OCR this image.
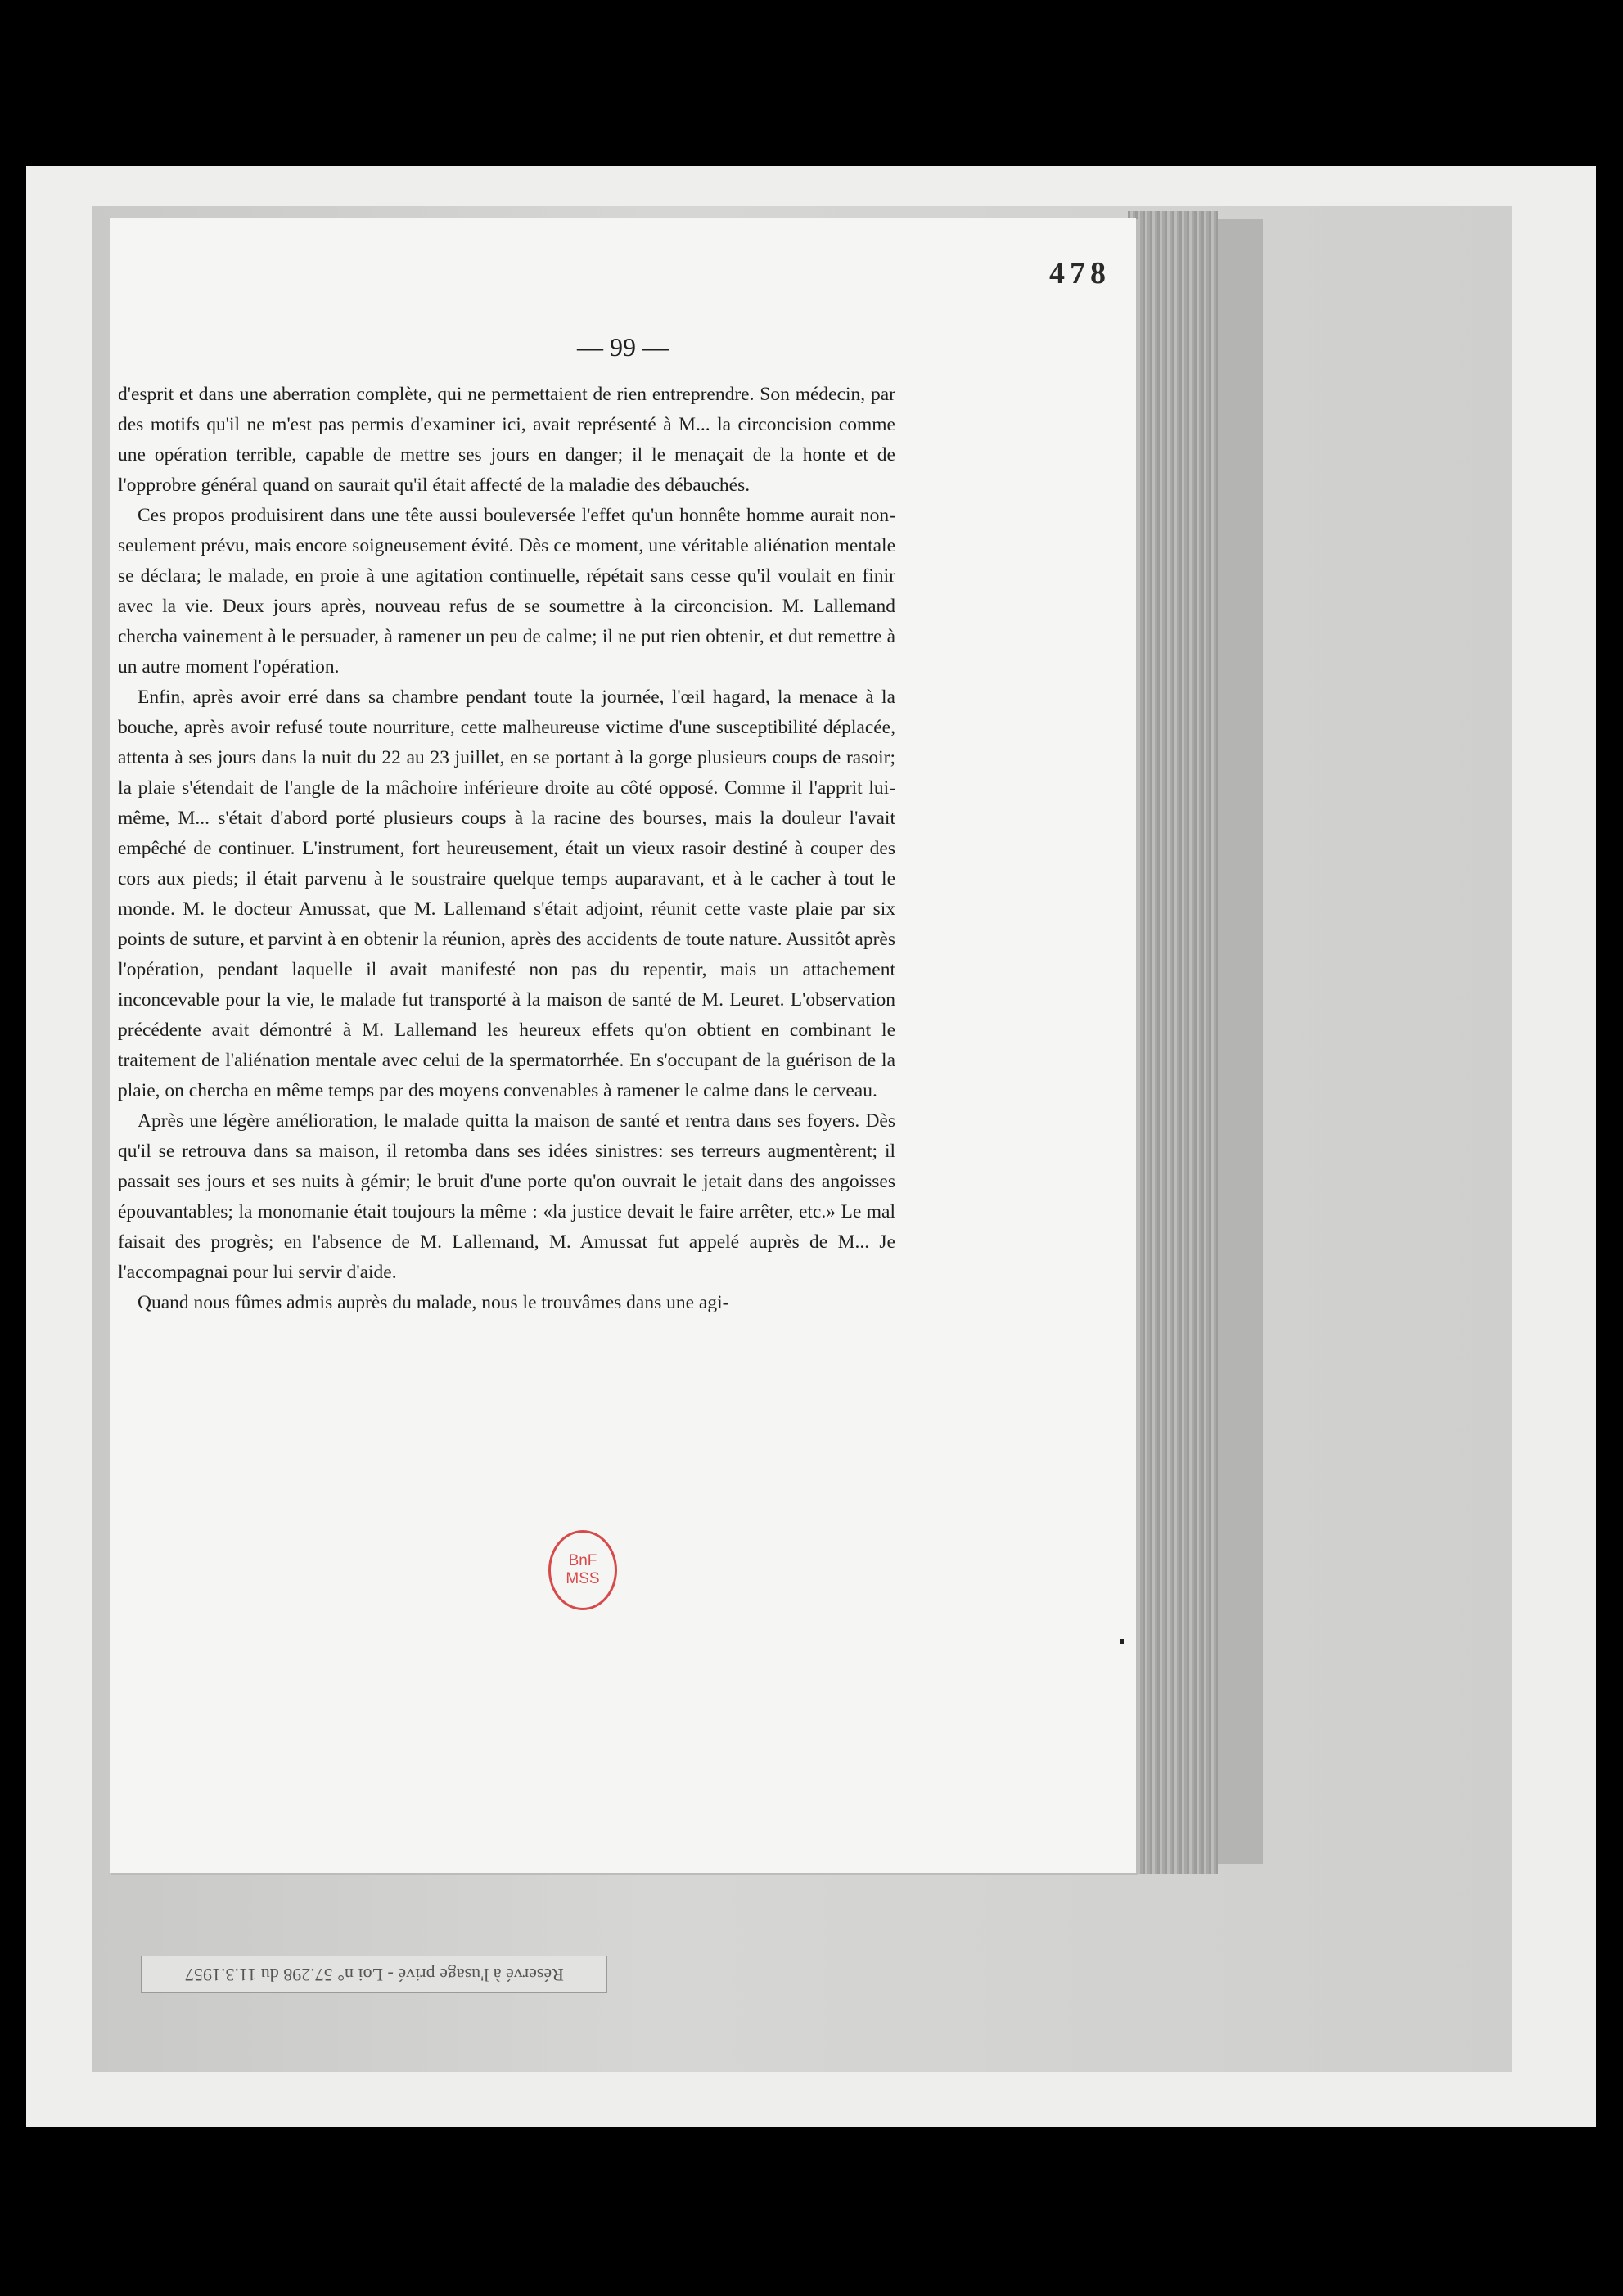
478
— 99 —

d'esprit et dans une aberration complète, qui ne permettaient de rien entreprendre. Son médecin, par des motifs qu'il ne m'est pas permis d'examiner ici, avait représenté à M... la circoncision comme une opération terrible, capable de mettre ses jours en danger; il le menaçait de la honte et de l'opprobre général quand on saurait qu'il était affecté de la maladie des débauchés.

Ces propos produisirent dans une tête aussi bouleversée l'effet qu'un honnête homme aurait non-seulement prévu, mais encore soigneusement évité. Dès ce moment, une véritable aliénation mentale se déclara; le malade, en proie à une agitation continuelle, répétait sans cesse qu'il voulait en finir avec la vie. Deux jours après, nouveau refus de se soumettre à la circoncision. M. Lallemand chercha vainement à le persuader, à ramener un peu de calme; il ne put rien obtenir, et dut remettre à un autre moment l'opération.

Enfin, après avoir erré dans sa chambre pendant toute la journée, l'œil hagard, la menace à la bouche, après avoir refusé toute nourriture, cette malheureuse victime d'une susceptibilité déplacée, attenta à ses jours dans la nuit du 22 au 23 juillet, en se portant à la gorge plusieurs coups de rasoir; la plaie s'étendait de l'angle de la mâchoire inférieure droite au côté opposé. Comme il l'apprit lui-même, M... s'était d'abord porté plusieurs coups à la racine des bourses, mais la douleur l'avait empêché de continuer. L'instrument, fort heureusement, était un vieux rasoir destiné à couper des cors aux pieds; il était parvenu à le soustraire quelque temps auparavant, et à le cacher à tout le monde. M. le docteur Amussat, que M. Lallemand s'était adjoint, réunit cette vaste plaie par six points de suture, et parvint à en obtenir la réunion, après des accidents de toute nature. Aussitôt après l'opération, pendant laquelle il avait manifesté non pas du repentir, mais un attachement inconcevable pour la vie, le malade fut transporté à la maison de santé de M. Leuret. L'observation précédente avait démontré à M. Lallemand les heureux effets qu'on obtient en combinant le traitement de l'aliénation mentale avec celui de la spermatorrhée. En s'occupant de la guérison de la plaie, on chercha en même temps par des moyens convenables à ramener le calme dans le cerveau.

Après une légère amélioration, le malade quitta la maison de santé et rentra dans ses foyers. Dès qu'il se retrouva dans sa maison, il retomba dans ses idées sinistres: ses terreurs augmentèrent; il passait ses jours et ses nuits à gémir; le bruit d'une porte qu'on ouvrait le jetait dans des angoisses épouvantables; la monomanie était toujours la même : «la justice devait le faire arrêter, etc.» Le mal faisait des progrès; en l'absence de M. Lallemand, M. Amussat fut appelé auprès de M... Je l'accompagnai pour lui servir d'aide.

Quand nous fûmes admis auprès du malade, nous le trouvâmes dans une agi-

BnF
MSS
Réservé à l'usage privé - Loi n° 57.298 du 11.3.1957
